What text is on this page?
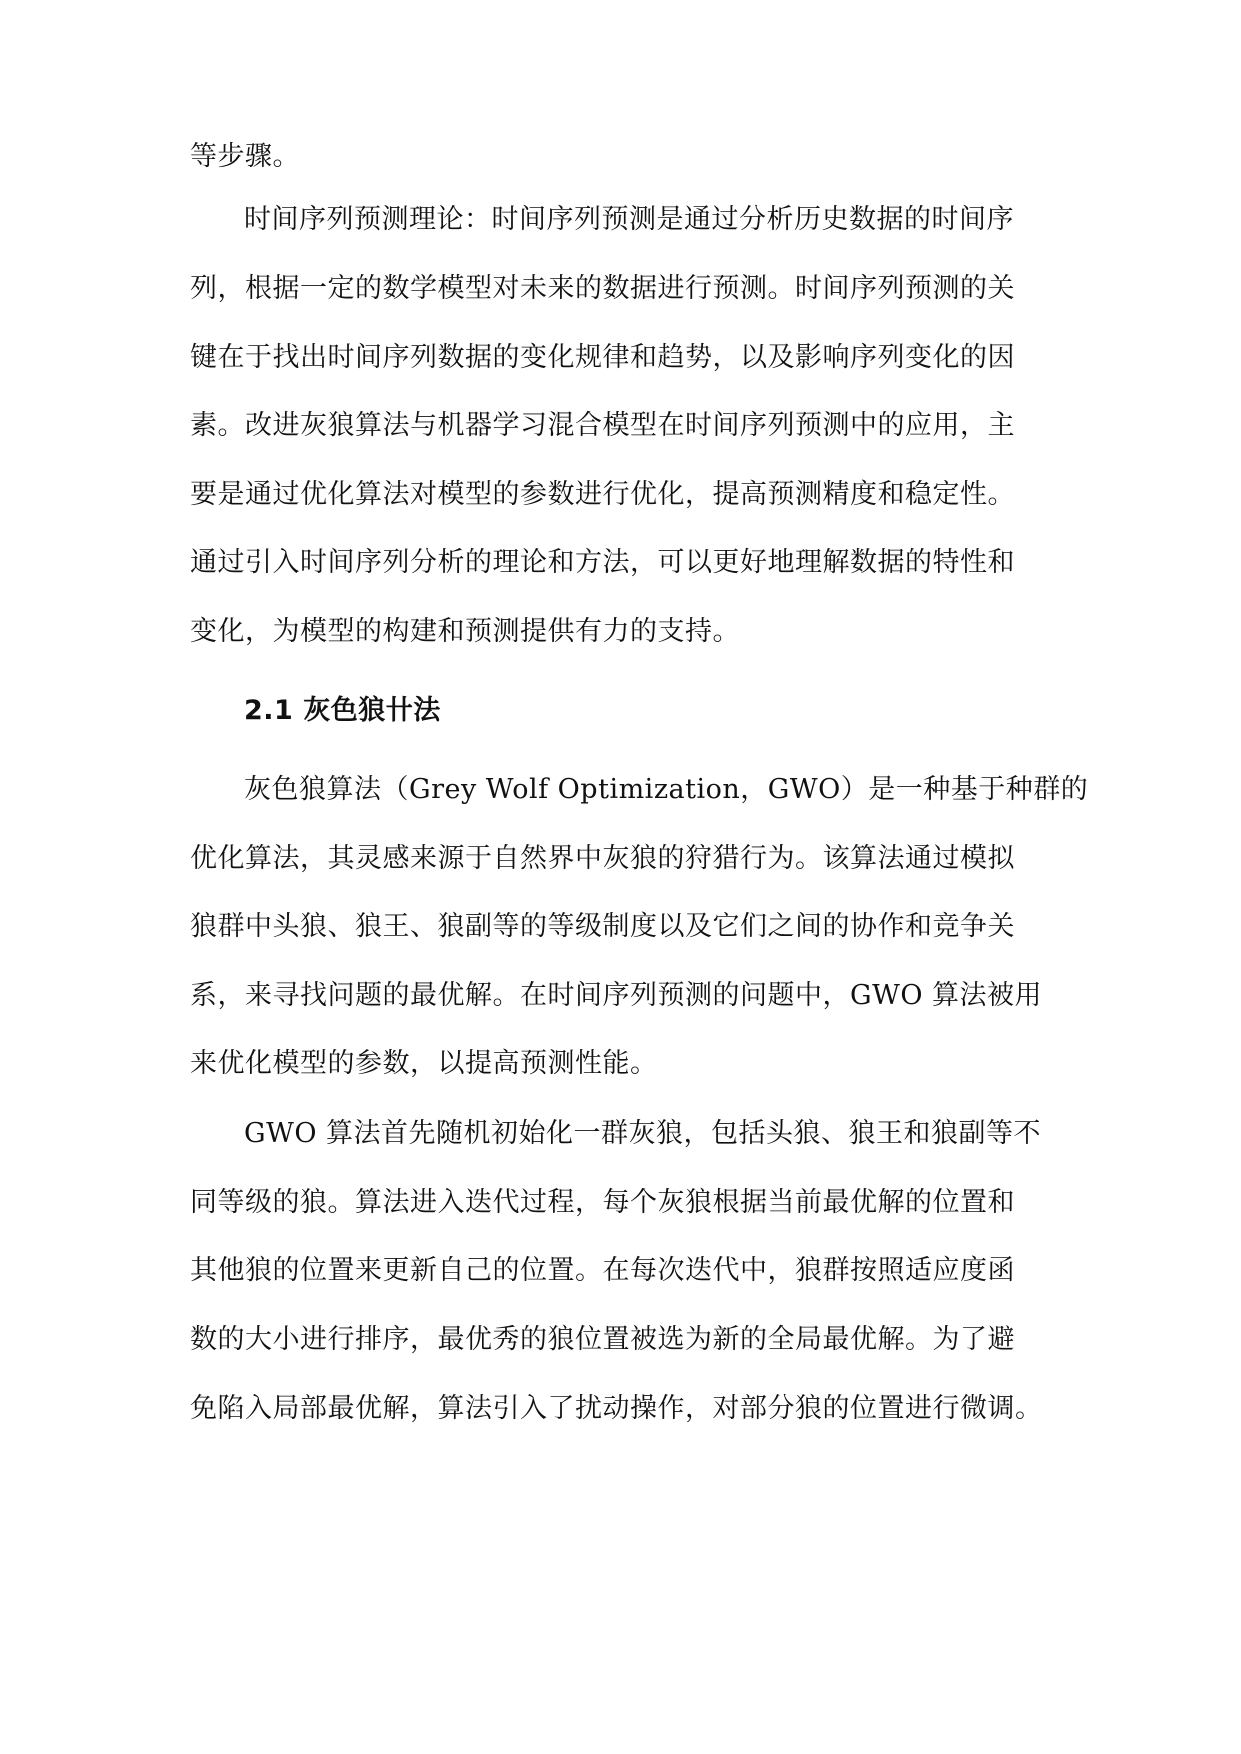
等步骤。
时间序列预测理论：时间序列预测是通过分析历史数据的时间序
列，根据一定的数学模型对未来的数据进行预测。时间序列预测的关
键在于找出时间序列数据的变化规律和趋势，以及影响序列变化的因
素。改进灰狼算法与机器学习混合模型在时间序列预测中的应用，主
要是通过优化算法对模型的参数进行优化，提高预测精度和稳定性。
通过引入时间序列分析的理论和方法，可以更好地理解数据的特性和
变化，为模型的构建和预测提供有力的支持。
2.1 灰色狼卄法
灰色狼算法（Grey Wolf Optimization，GWO）是一种基于种群的
优化算法，其灵感来源于自然界中灰狼的狩猎行为。该算法通过模拟
狼群中头狼、狼王、狼副等的等级制度以及它们之间的协作和竞争关
系，来寻找问题的最优解。在时间序列预测的问题中，GWO 算法被用
来优化模型的参数，以提高预测性能。
GWO 算法首先随机初始化一群灰狼，包括头狼、狼王和狼副等不
同等级的狼。算法进入迭代过程，每个灰狼根据当前最优解的位置和
其他狼的位置来更新自己的位置。在每次迭代中，狼群按照适应度函
数的大小进行排序，最优秀的狼位置被选为新的全局最优解。为了避
免陷入局部最优解，算法引入了扰动操作，对部分狼的位置进行微调。
